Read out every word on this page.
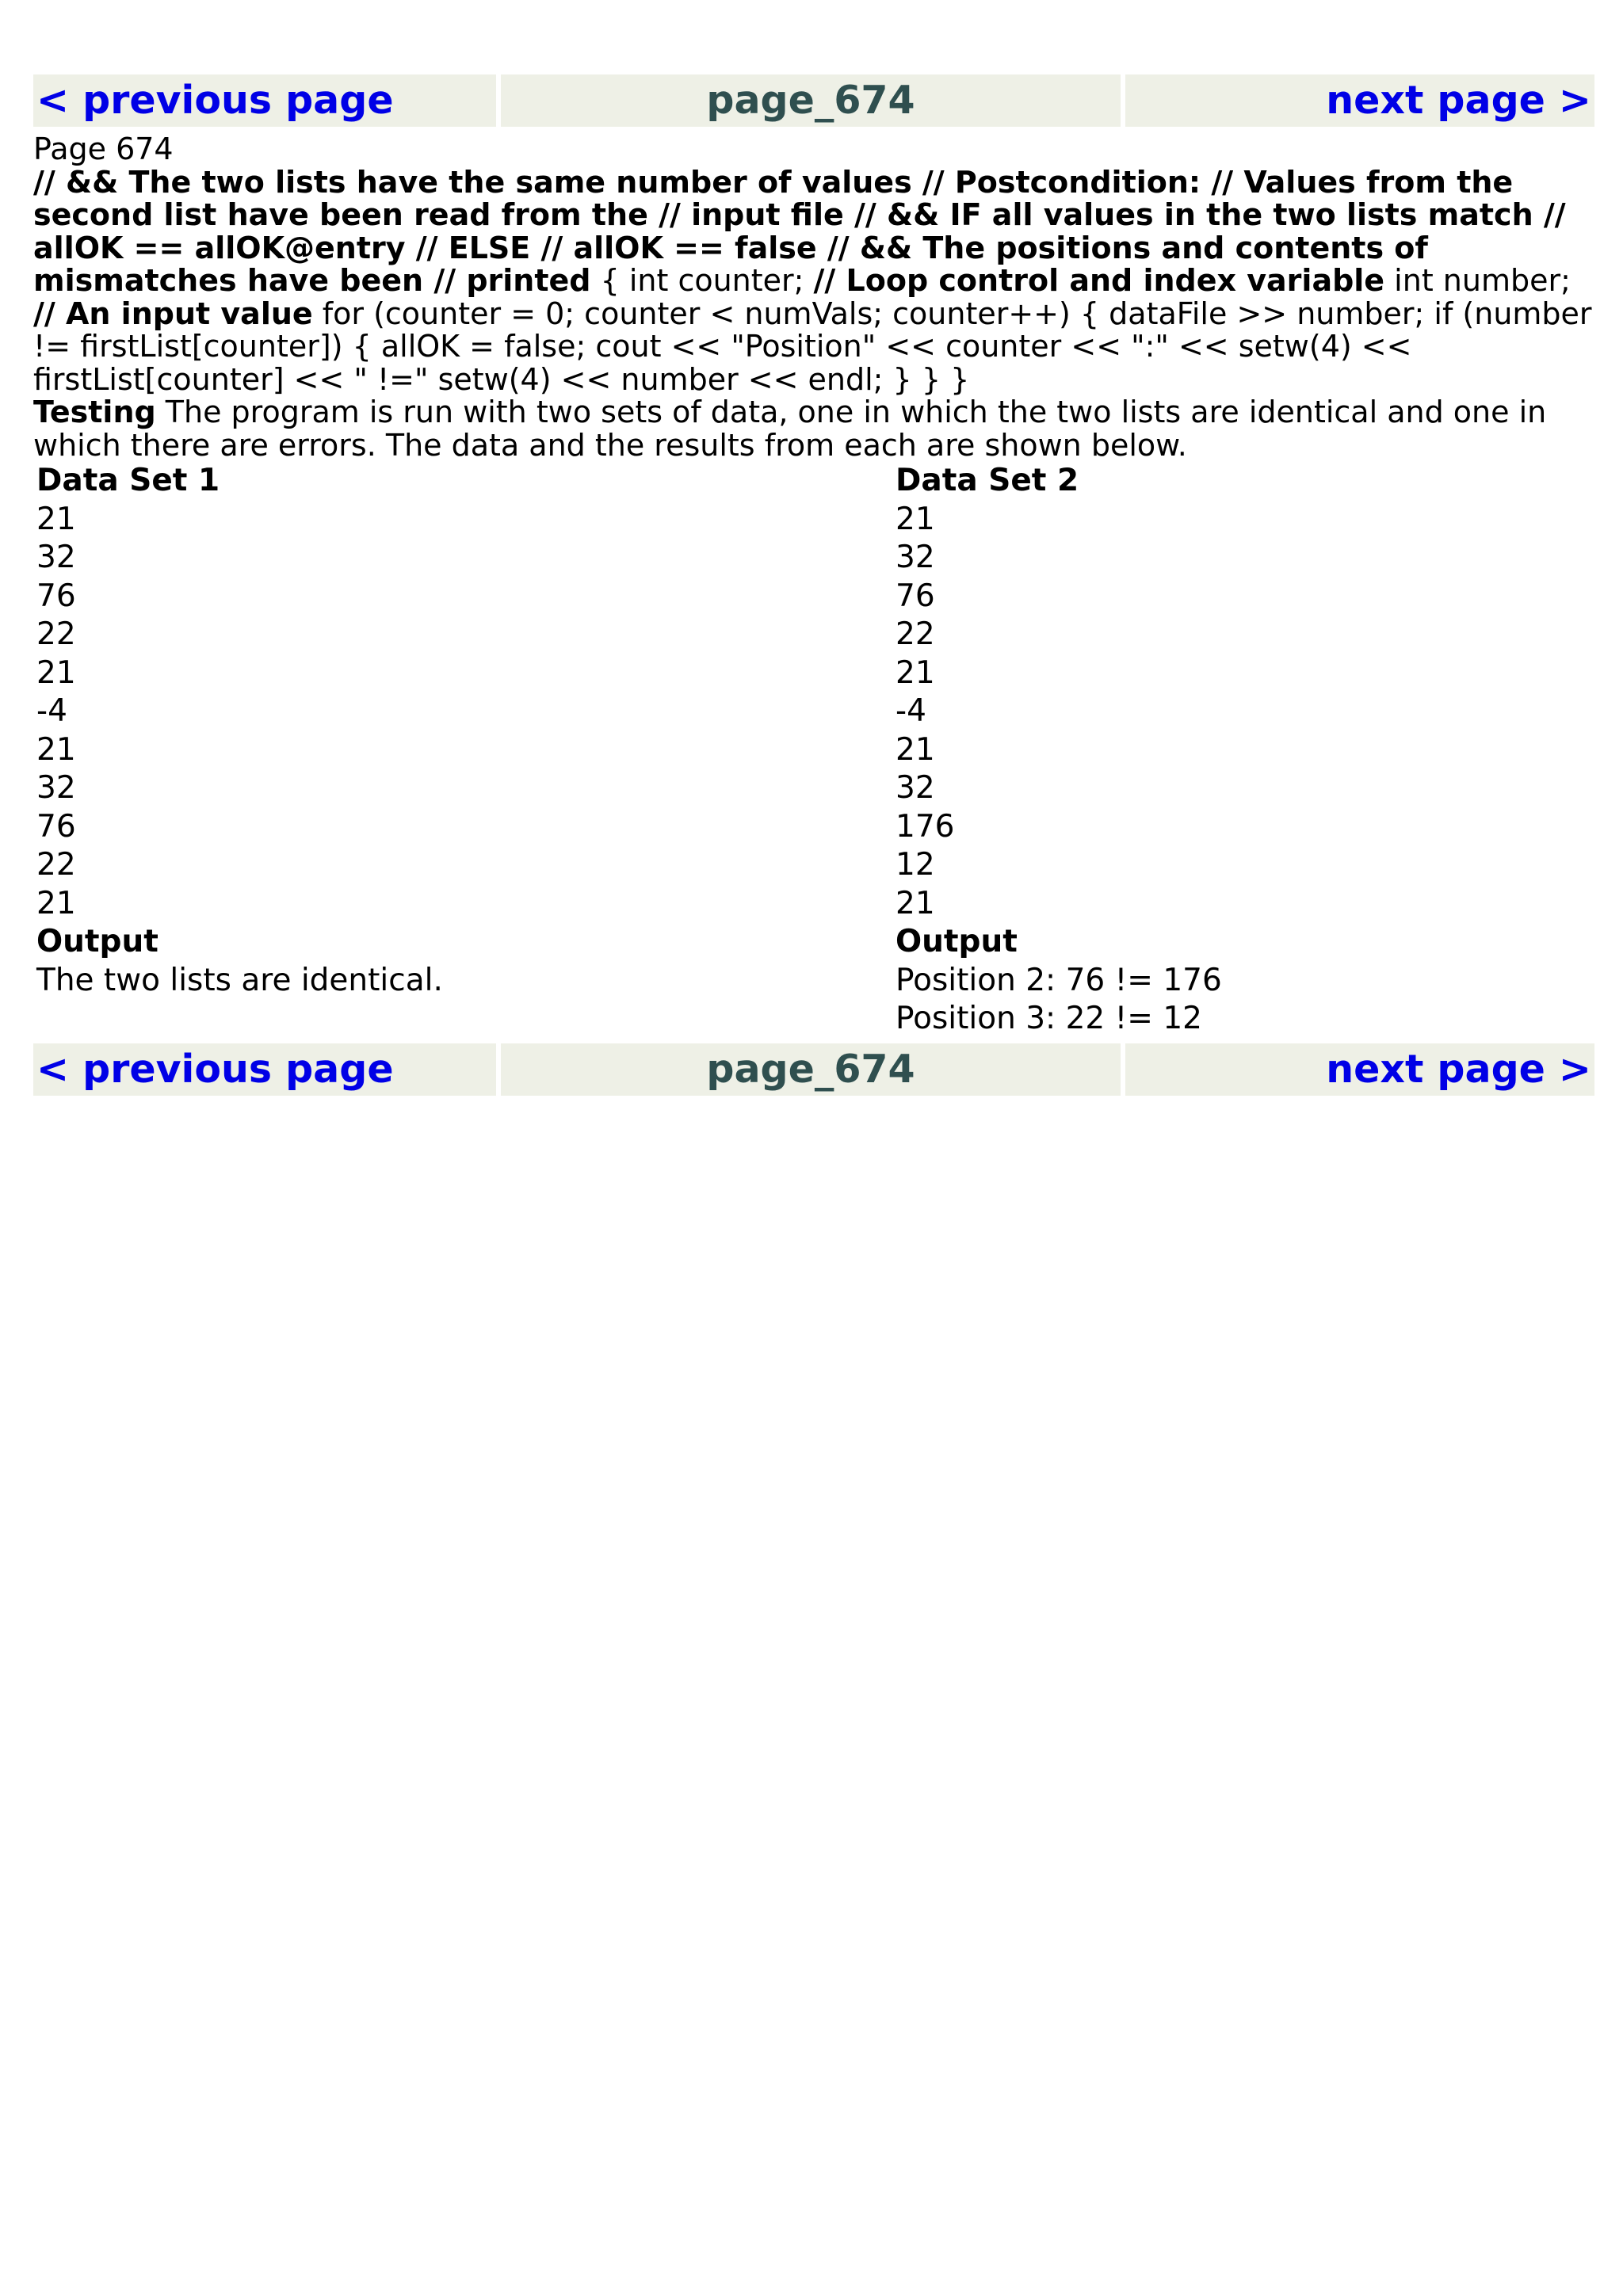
< previous page	page_674	next page >

Page 674

// && The two lists have the same number of values // Postcondition: // Values from the second list have been read from the // input file // && IF all values in the two lists match // allOK == allOK@entry // ELSE // allOK == false // && The positions and contents of mismatches have been // printed { int counter; // Loop control and index variable int number; // An input value for (counter = 0; counter < numVals; counter++) { dataFile >> number; if (number != firstList[counter]) { allOK = false; cout << "Position" << counter << ":" << setw(4) << firstList[counter] << " !=" setw(4) << number << endl; } } }

Testing The program is run with two sets of data, one in which the two lists are identical and one in which there are errors. The data and the results from each are shown below.

Data Set 1	Data Set 2
21	21
32	32
76	76
22	22
21	21
-4	-4
21	21
32	32
76	176
22	12
21	21
Output	Output
The two lists are identical.	Position 2: 76 != 176
	Position 3: 22 != 12
< previous page	page_674	next page >
